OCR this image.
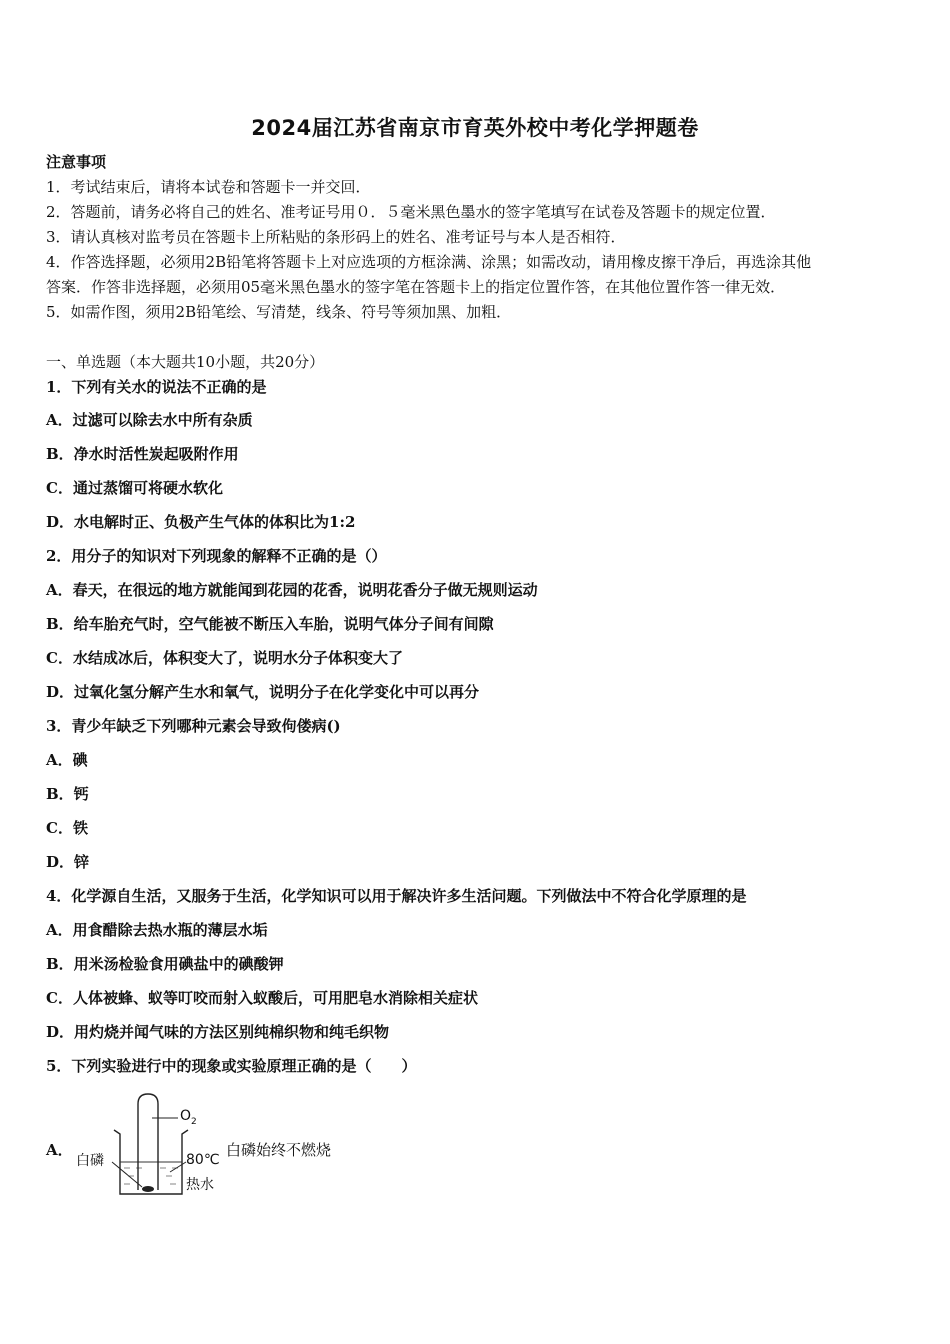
2024届江苏省南京市育英外校中考化学押题卷
注意事项
1．考试结束后，请将本试卷和答题卡一并交回．
2．答题前，请务必将自己的姓名、准考证号用０．５毫米黑色墨水的签字笔填写在试卷及答题卡的规定位置．
3．请认真核对监考员在答题卡上所粘贴的条形码上的姓名、准考证号与本人是否相符．
4．作答选择题，必须用2B铅笔将答题卡上对应选项的方框涂满、涂黑；如需改动，请用橡皮擦干净后，再选涂其他
答案．作答非选择题，必须用05毫米黑色墨水的签字笔在答题卡上的指定位置作答，在其他位置作答一律无效．
5．如需作图，须用2B铅笔绘、写清楚，线条、符号等须加黑、加粗．
一、单选题（本大题共10小题，共20分）
1．下列有关水的说法不正确的是
A．过滤可以除去水中所有杂质
B．净水时活性炭起吸附作用
C．通过蒸馏可将硬水软化
D．水电解时正、负极产生气体的体积比为1:2
2．用分子的知识对下列现象的解释不正确的是（）
A．春天，在很远的地方就能闻到花园的花香，说明花香分子做无规则运动
B．给车胎充气时，空气能被不断压入车胎，说明气体分子间有间隙
C．水结成冰后，体积变大了，说明水分子体积变大了
D．过氧化氢分解产生水和氧气，说明分子在化学变化中可以再分
3．青少年缺乏下列哪种元素会导致佝偻病()
A．碘
B．钙
C．铁
D．锌
4．化学源自生活，又服务于生活，化学知识可以用于解决许多生活问题。下列做法中不符合化学原理的是
A．用食醋除去热水瓶的薄层水垢
B．用米汤检验食用碘盐中的碘酸钾
C．人体被蜂、蚁等叮咬而射入蚁酸后，可用肥皂水消除相关症状
D．用灼烧并闻气味的方法区别纯棉织物和纯毛织物
5．下列实验进行中的现象或实验原理正确的是（　　）
A．
$O_2$
白磷	80℃
热水
白磷始终不燃烧
